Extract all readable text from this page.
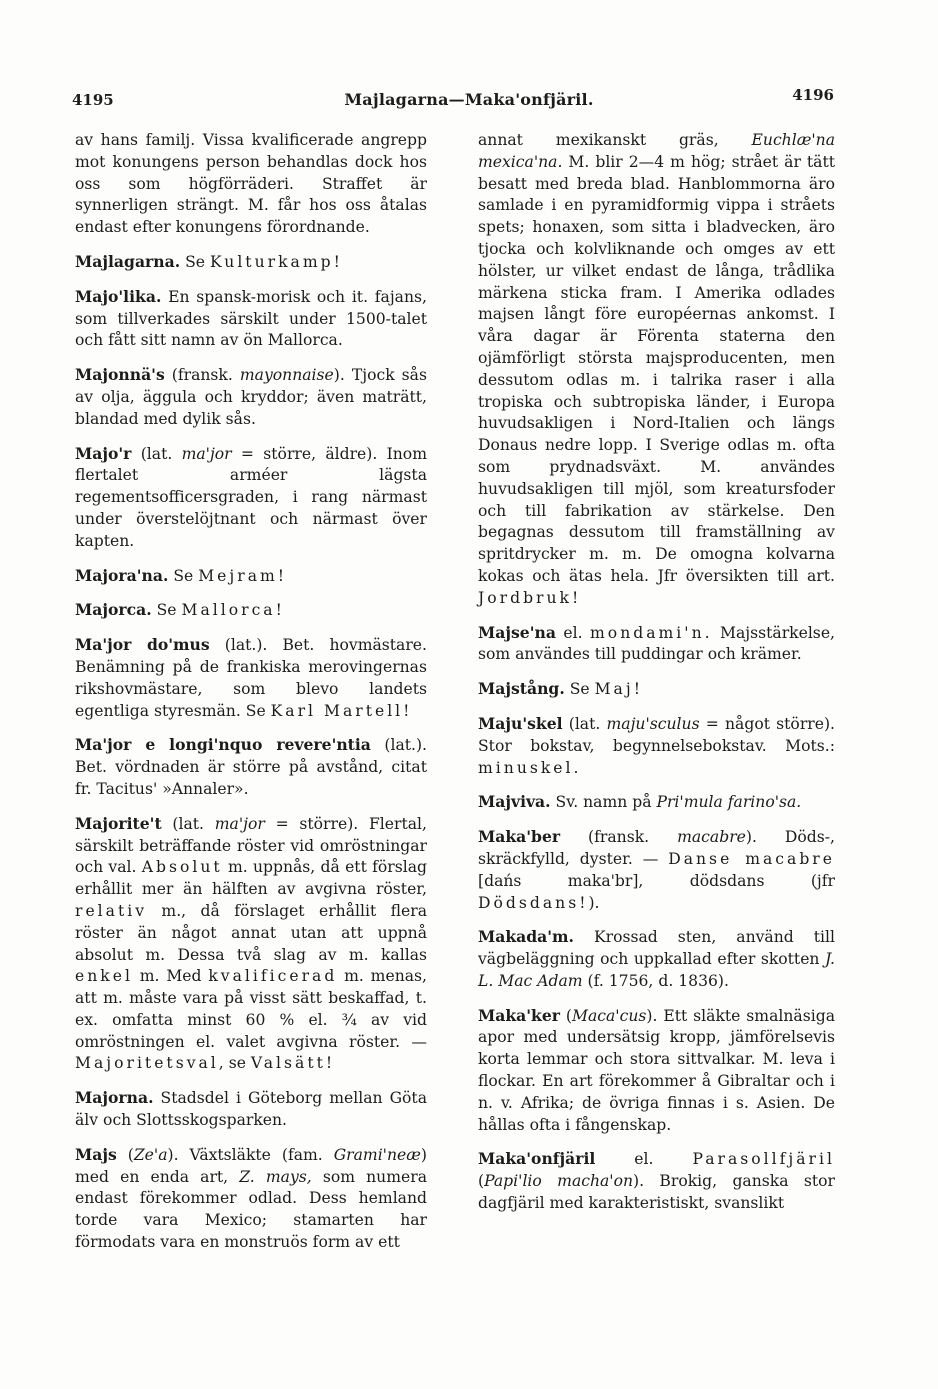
4195	Majlagarna—Maka'onfjäril.	4196

av hans familj. Vissa kvalificerade angrepp mot konungens person behandlas dock hos oss som högförräderi. Straffet är synnerligen strängt. M. får hos oss åtalas endast efter konungens förordnande.

Majlagarna. Se Kulturkamp!

Majo'lika. En spansk-morisk och it. fajans, som tillverkades särskilt under 1500-talet och fått sitt namn av ön Mallorca.

Majonnä's (fransk. mayonnaise). Tjock sås av olja, äggula och kryddor; även maträtt, blandad med dylik sås.

Majo'r (lat. ma'jor = större, äldre). Inom flertalet arméer lägsta regementsofficersgraden, i rang närmast under överstelöjtnant och närmast över kapten.

Majora'na. Se Mejram!

Majorca. Se Mallorca!

Ma'jor do'mus (lat.). Bet. hovmästare. Benämning på de frankiska merovingernas rikshovmästare, som blevo landets egentliga styresmän. Se Karl Martell!

Ma'jor e longi'nquo revere'ntia (lat.). Bet. vördnaden är större på avstånd, citat fr. Tacitus' »Annaler».

Majorite't (lat. ma'jor = större). Flertal, särskilt beträffande röster vid omröstningar och val. Absolut m. uppnås, då ett förslag erhållit mer än hälften av avgivna röster, relativ m., då förslaget erhållit flera röster än något annat utan att uppnå absolut m. Dessa två slag av m. kallas enkel m. Med kvalificerad m. menas, att m. måste vara på visst sätt beskaffad, t. ex. omfatta minst 60 % el. ¾ av vid omröstningen el. valet avgivna röster. — Majoritetsval, se Valsätt!

Majorna. Stadsdel i Göteborg mellan Göta älv och Slottsskogsparken.

Majs (Ze'a). Växtsläkte (fam. Grami'neæ) med en enda art, Z. mays, som numera endast förekommer odlad. Dess hemland torde vara Mexico; stamarten har förmodats vara en monstruös form av ett

annat mexikanskt gräs, Euchlæ'na mexica'na. M. blir 2—4 m hög; strået är tätt besatt med breda blad. Hanblommorna äro samlade i en pyramidformig vippa i stråets spets; honaxen, som sitta i bladvecken, äro tjocka och kolvliknande och omges av ett hölster, ur vilket endast de långa, trådlika märkena sticka fram. I Amerika odlades majsen långt före européernas ankomst. I våra dagar är Förenta staterna den ojämförligt största majsproducenten, men dessutom odlas m. i talrika raser i alla tropiska och subtropiska länder, i Europa huvudsakligen i Nord-Italien och längs Donaus nedre lopp. I Sverige odlas m. ofta som prydnadsväxt. M. användes huvudsakligen till mjöl, som kreatursfoder och till fabrikation av stärkelse. Den begagnas dessutom till framställning av spritdrycker m. m. De omogna kolvarna kokas och ätas hela. Jfr översikten till art. Jordbruk!

Majse'na el. mondami'n. Majsstärkelse, som användes till puddingar och krämer.

Majstång. Se Maj!

Maju'skel (lat. maju'sculus = något större). Stor bokstav, begynnelsebokstav. Mots.: minuskel.

Majviva. Sv. namn på Pri'mula farino'sa.

Maka'ber (fransk. macabre). Döds-, skräckfylld, dyster. — Danse macabre [dańs maka'br], dödsdans (jfr Dödsdans!).

Makada'm. Krossad sten, använd till vägbeläggning och uppkallad efter skotten J. L. Mac Adam (f. 1756, d. 1836).

Maka'ker (Maca'cus). Ett släkte smalnäsiga apor med undersätsig kropp, jämförelsevis korta lemmar och stora sittvalkar. M. leva i flockar. En art förekommer å Gibraltar och i n. v. Afrika; de övriga finnas i s. Asien. De hållas ofta i fångenskap.

Maka'onfjäril el. Parasollfjäril (Papi'lio macha'on). Brokig, ganska stor dagfjäril med karakteristiskt, svanslikt
